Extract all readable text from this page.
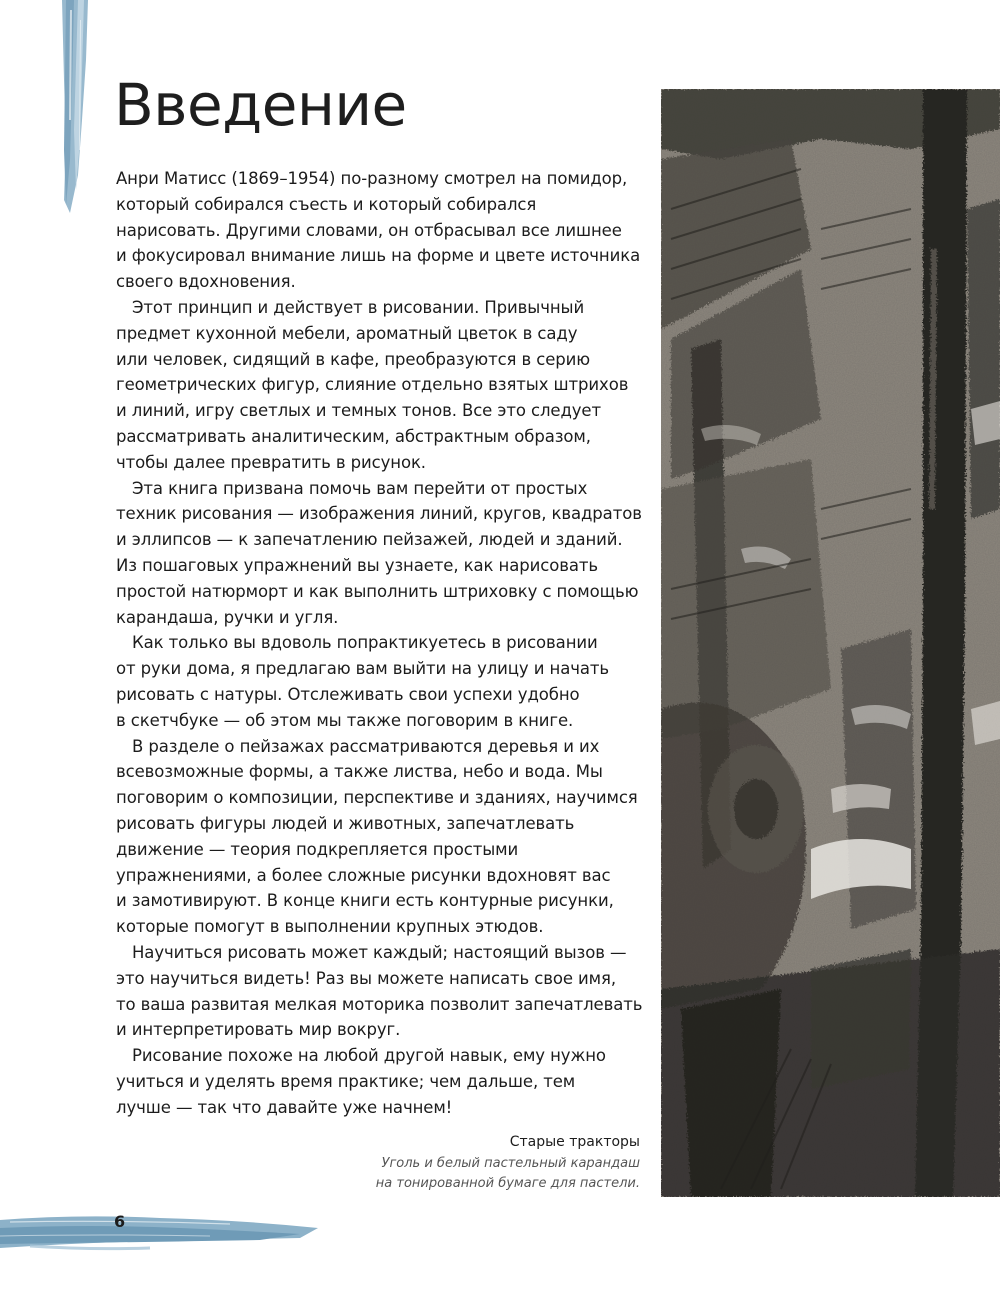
Введение

Анри Матисс (1869–1954) по-разному смотрел на помидор,
который собирался съесть и который собирался
нарисовать. Другими словами, он отбрасывал все лишнее
и фокусировал внимание лишь на форме и цвете источника
своего вдохновения.

Этот принцип и действует в рисовании. Привычный
предмет кухонной мебели, ароматный цветок в саду
или человек, сидящий в кафе, преобразуются в серию
геометрических фигур, слияние отдельно взятых штрихов
и линий, игру светлых и темных тонов. Все это следует
рассматривать аналитическим, абстрактным образом,
чтобы далее превратить в рисунок.

Эта книга призвана помочь вам перейти от простых
техник рисования — изображения линий, кругов, квадратов
и эллипсов — к запечатлению пейзажей, людей и зданий.
Из пошаговых упражнений вы узнаете, как нарисовать
простой натюрморт и как выполнить штриховку с помощью
карандаша, ручки и угля.

Как только вы вдоволь попрактикуетесь в рисовании
от руки дома, я предлагаю вам выйти на улицу и начать
рисовать с натуры. Отслеживать свои успехи удобно
в скетчбуке — об этом мы также поговорим в книге.

В разделе о пейзажах рассматриваются деревья и их
всевозможные формы, а также листва, небо и вода. Мы
поговорим о композиции, перспективе и зданиях, научимся
рисовать фигуры людей и животных, запечатлевать
движение — теория подкрепляется простыми
упражнениями, а более сложные рисунки вдохновят вас
и замотивируют. В конце книги есть контурные рисунки,
которые помогут в выполнении крупных этюдов.

Научиться рисовать может каждый; настоящий вызов —
это научиться видеть! Раз вы можете написать свое имя,
то ваша развитая мелкая моторика позволит запечатлевать
и интерпретировать мир вокруг.

Рисование похоже на любой другой навык, ему нужно
учиться и уделять время практике; чем дальше, тем
лучше — так что давайте уже начнем!

Старые тракторы
Уголь и белый пастельный карандаш
на тонированной бумаге для пастели.
6
